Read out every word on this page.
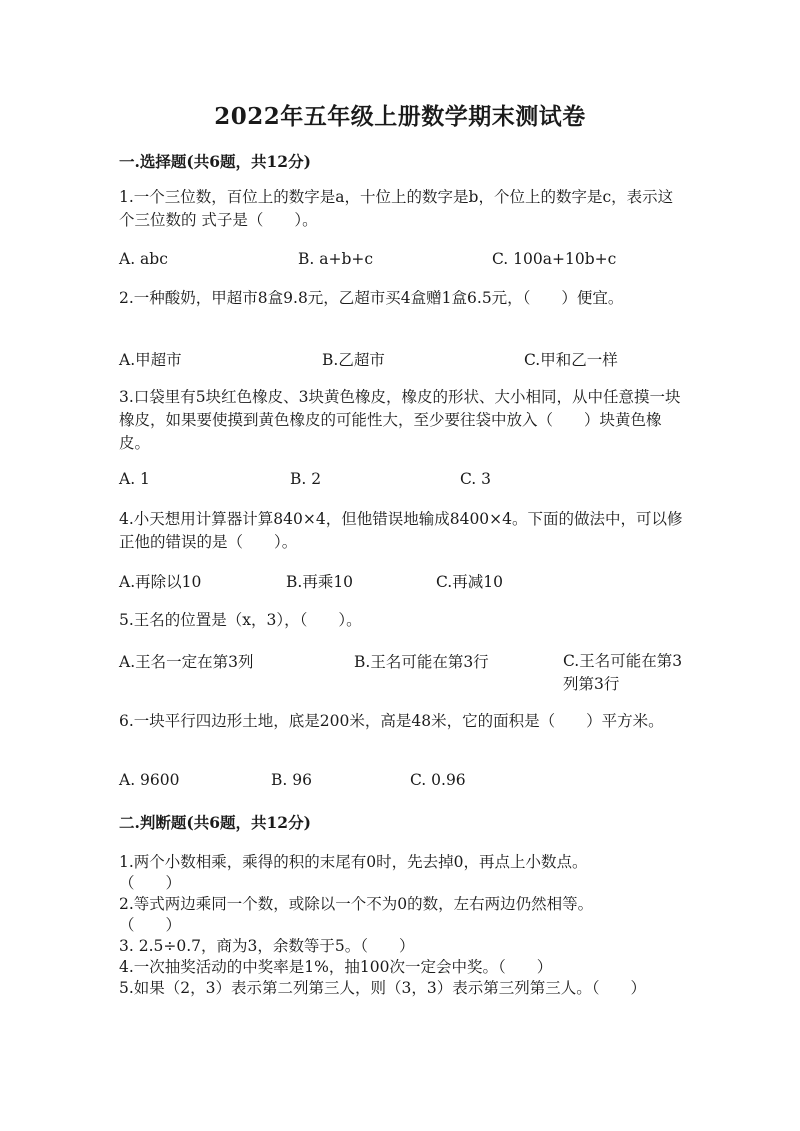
2022年五年级上册数学期末测试卷
一.选择题(共6题，共12分)
1.一个三位数，百位上的数字是a，十位上的数字是b，个位上的数字是c，表示这个三位数的 式子是（　　）。
A. abc	B. a+b+c	C. 100a+10b+c
2.一种酸奶，甲超市8盒9.8元，乙超市买4盒赠1盒6.5元，（　　）便宜。
A.甲超市	B.乙超市	C.甲和乙一样
3.口袋里有5块红色橡皮、3块黄色橡皮，橡皮的形状、大小相同，从中任意摸一块橡皮，如果要使摸到黄色橡皮的可能性大，至少要往袋中放入（　　）块黄色橡皮。
A. 1	B. 2	C. 3
4.小天想用计算器计算840×4，但他错误地输成8400×4。下面的做法中，可以修正他的错误的是（　　）。
A.再除以10	B.再乘10	C.再减10
5.王名的位置是（x，3），（　　）。
A.王名一定在第3列	B.王名可能在第3行	C.王名可能在第3列第3行
6.一块平行四边形土地，底是200米，高是48米，它的面积是（　　）平方米。
A. 9600	B. 96	C. 0.96
二.判断题(共6题，共12分)
1.两个小数相乘，乘得的积的末尾有0时，先去掉0，再点上小数点。
（　　）
2.等式两边乘同一个数，或除以一个不为0的数，左右两边仍然相等。
（　　）
3. 2.5÷0.7，商为3，余数等于5。（　　）
4.一次抽奖活动的中奖率是1%，抽100次一定会中奖。（　　）
5.如果（2，3）表示第二列第三人，则（3，3）表示第三列第三人。（　　）
